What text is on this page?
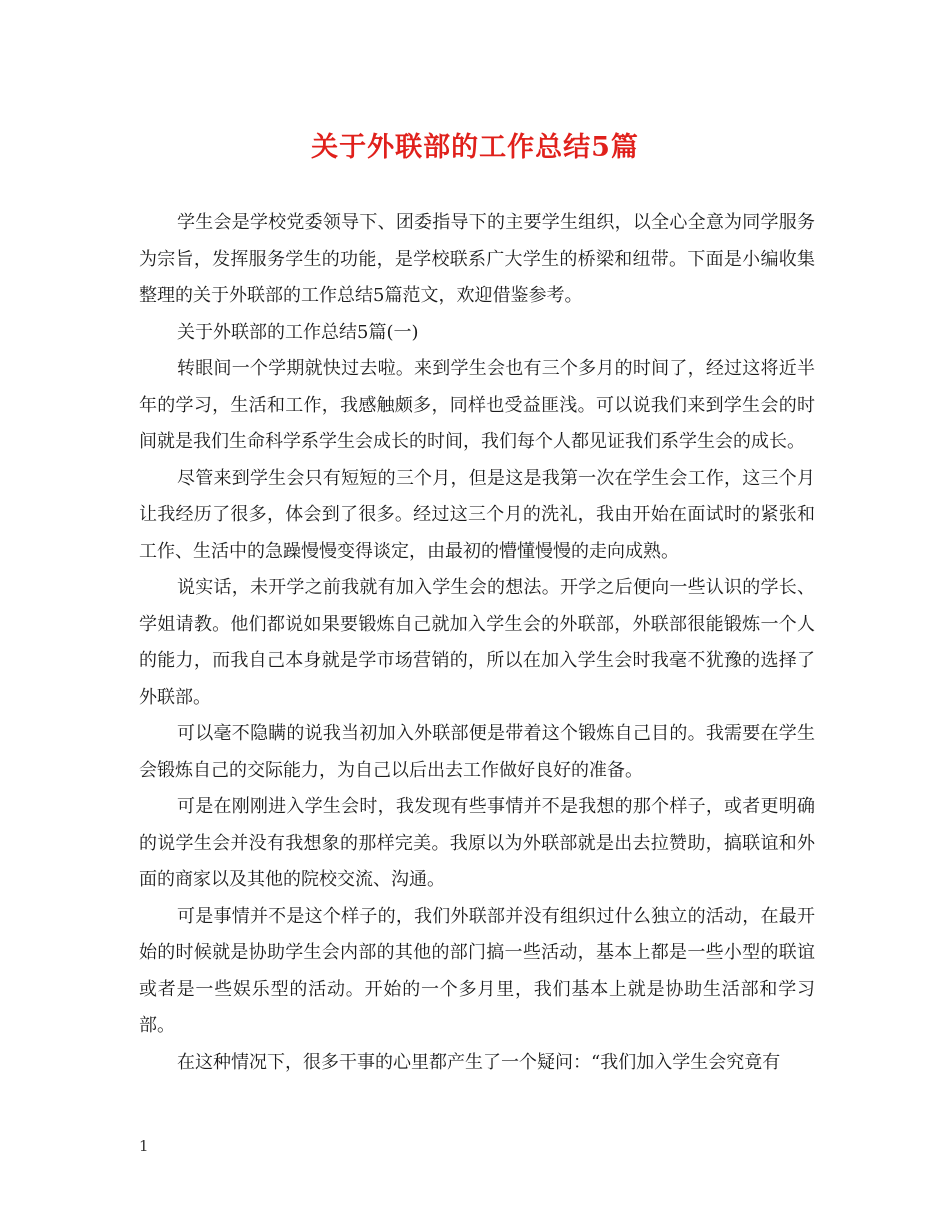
关于外联部的工作总结5篇

学生会是学校党委领导下、团委指导下的主要学生组织，以全心全意为同学服务为宗旨，发挥服务学生的功能，是学校联系广大学生的桥梁和纽带。下面是小编收集整理的关于外联部的工作总结5篇范文，欢迎借鉴参考。

关于外联部的工作总结5篇(一)

转眼间一个学期就快过去啦。来到学生会也有三个多月的时间了，经过这将近半年的学习，生活和工作，我感触颇多，同样也受益匪浅。可以说我们来到学生会的时间就是我们生命科学系学生会成长的时间，我们每个人都见证我们系学生会的成长。

尽管来到学生会只有短短的三个月，但是这是我第一次在学生会工作，这三个月让我经历了很多，体会到了很多。经过这三个月的洗礼，我由开始在面试时的紧张和工作、生活中的急躁慢慢变得谈定，由最初的懵懂慢慢的走向成熟。

说实话，未开学之前我就有加入学生会的想法。开学之后便向一些认识的学长、学姐请教。他们都说如果要锻炼自己就加入学生会的外联部，外联部很能锻炼一个人的能力，而我自己本身就是学市场营销的，所以在加入学生会时我毫不犹豫的选择了外联部。

可以毫不隐瞒的说我当初加入外联部便是带着这个锻炼自己目的。我需要在学生会锻炼自己的交际能力，为自己以后出去工作做好良好的准备。

可是在刚刚进入学生会时，我发现有些事情并不是我想的那个样子，或者更明确的说学生会并没有我想象的那样完美。我原以为外联部就是出去拉赞助，搞联谊和外面的商家以及其他的院校交流、沟通。

可是事情并不是这个样子的，我们外联部并没有组织过什么独立的活动，在最开始的时候就是协助学生会内部的其他的部门搞一些活动，基本上都是一些小型的联谊或者是一些娱乐型的活动。开始的一个多月里，我们基本上就是协助生活部和学习部。

在这种情况下，很多干事的心里都产生了一个疑问：“我们加入学生会究竟有

1
